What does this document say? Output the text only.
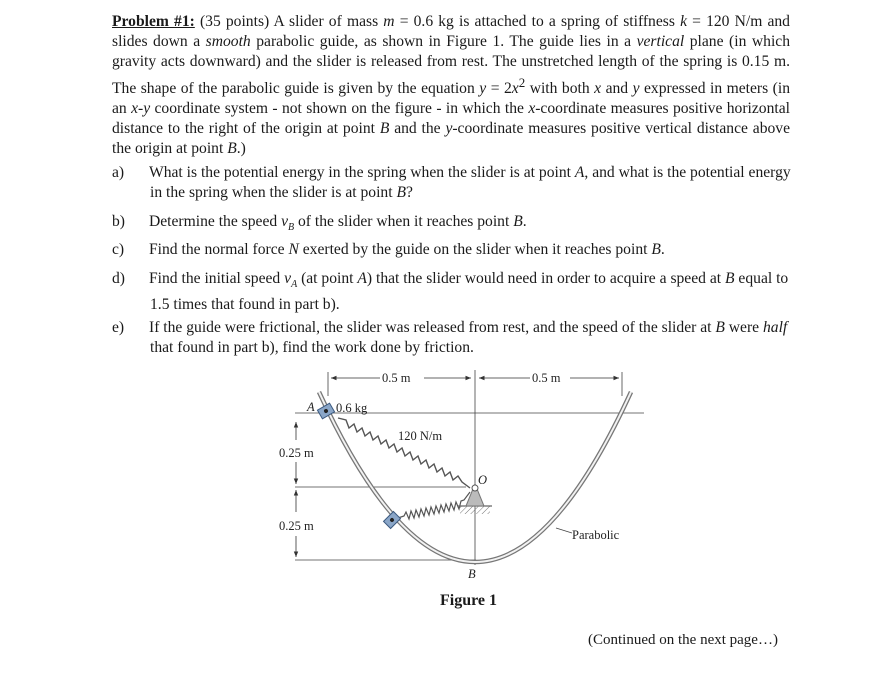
Problem #1: (35 points) A slider of mass m = 0.6 kg is attached to a spring of stiffness k = 120 N/m and slides down a smooth parabolic guide, as shown in Figure 1. The guide lies in a vertical plane (in which gravity acts downward) and the slider is released from rest. The unstretched length of the spring is 0.15 m. The shape of the parabolic guide is given by the equation $y = 2x^2$ with both x and y expressed in meters (in an x-y coordinate system - not shown on the figure - in which the x-coordinate measures positive horizontal distance to the right of the origin at point B and the y-coordinate measures positive vertical distance above the origin at point B.)

a) What is the potential energy in the spring when the slider is at point A, and what is the potential energy in the spring when the slider is at point B?
b) Determine the speed $v_B$ of the slider when it reaches point B.
c) Find the normal force N exerted by the guide on the slider when it reaches point B.
d) Find the initial speed $v_A$ (at point A) that the slider would need in order to acquire a speed at B equal to 1.5 times that found in part b).
e) If the guide were frictional, the slider was released from rest, and the speed of the slider at B were half that found in part b), find the work done by friction.
0.5 m	0.5 m
0.25 m
0.25 m
O
A 0.6 kg
120 N/m
B
Parabolic
Figure 1
(Continued on the next page…)
